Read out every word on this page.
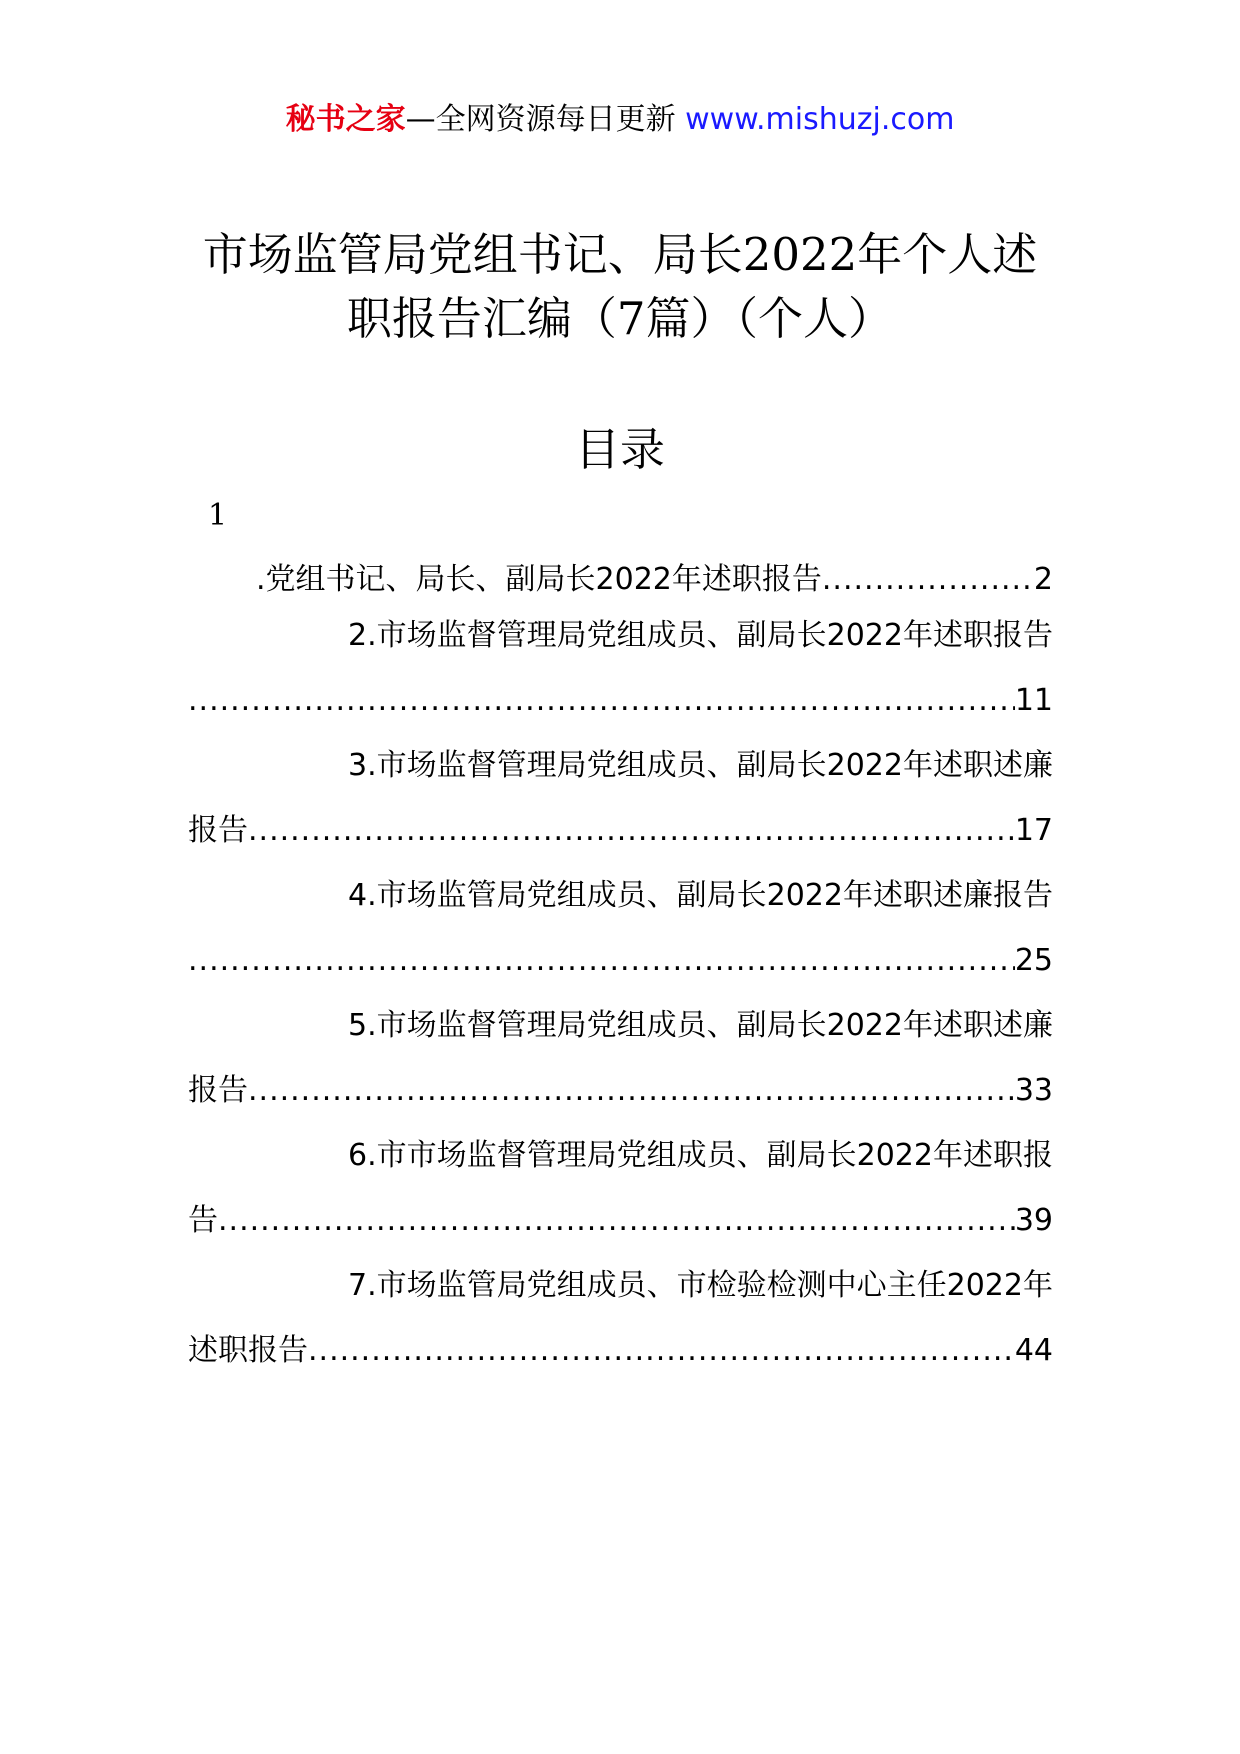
秘书之家—全网资源每日更新 www.mishuzj.com
市场监管局党组书记、局长2022年个人述
职报告汇编（7篇）（个人）
目录
1
.党组书记、局长、副局长2022年述职报告 .....	2
2.市场监督管理局党组成员、副局长2022年述职报告
.....
11
3.市场监督管理局党组成员、副局长2022年述职述廉
报告 .....	17
4.市场监管局党组成员、副局长2022年述职述廉报告
.....
25
5.市场监督管理局党组成员、副局长2022年述职述廉
报告 .....	33
6.市市场监督管理局党组成员、副局长2022年述职报
告 .....	39
7.市场监管局党组成员、市检验检测中心主任2022年
述职报告 .....	44
